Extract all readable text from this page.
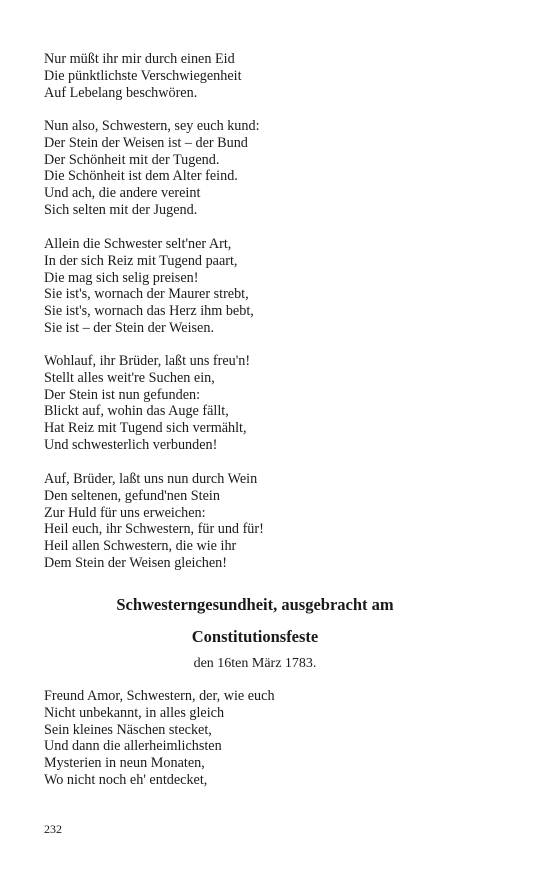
Nur müßt ihr mir durch einen Eid
Die pünktlichste Verschwiegenheit
Auf Lebelang beschwören.
Nun also, Schwestern, sey euch kund:
Der Stein der Weisen ist – der Bund
Der Schönheit mit der Tugend.
Die Schönheit ist dem Alter feind.
Und ach, die andere vereint
Sich selten mit der Jugend.
Allein die Schwester selt'ner Art,
In der sich Reiz mit Tugend paart,
Die mag sich selig preisen!
Sie ist's, wornach der Maurer strebt,
Sie ist's, wornach das Herz ihm bebt,
Sie ist – der Stein der Weisen.
Wohlauf, ihr Brüder, laßt uns freu'n!
Stellt alles weit're Suchen ein,
Der Stein ist nun gefunden:
Blickt auf, wohin das Auge fällt,
Hat Reiz mit Tugend sich vermählt,
Und schwesterlich verbunden!
Auf, Brüder, laßt uns nun durch Wein
Den seltenen, gefund'nen Stein
Zur Huld für uns erweichen:
Heil euch, ihr Schwestern, für und für!
Heil allen Schwestern, die wie ihr
Dem Stein der Weisen gleichen!
Schwesterngesundheit, ausgebracht am
Constitutionsfeste
den 16ten März 1783.
Freund Amor, Schwestern, der, wie euch
Nicht unbekannt, in alles gleich
Sein kleines Näschen stecket,
Und dann die allerheimlichsten
Mysterien in neun Monaten,
Wo nicht noch eh' entdecket,
232
